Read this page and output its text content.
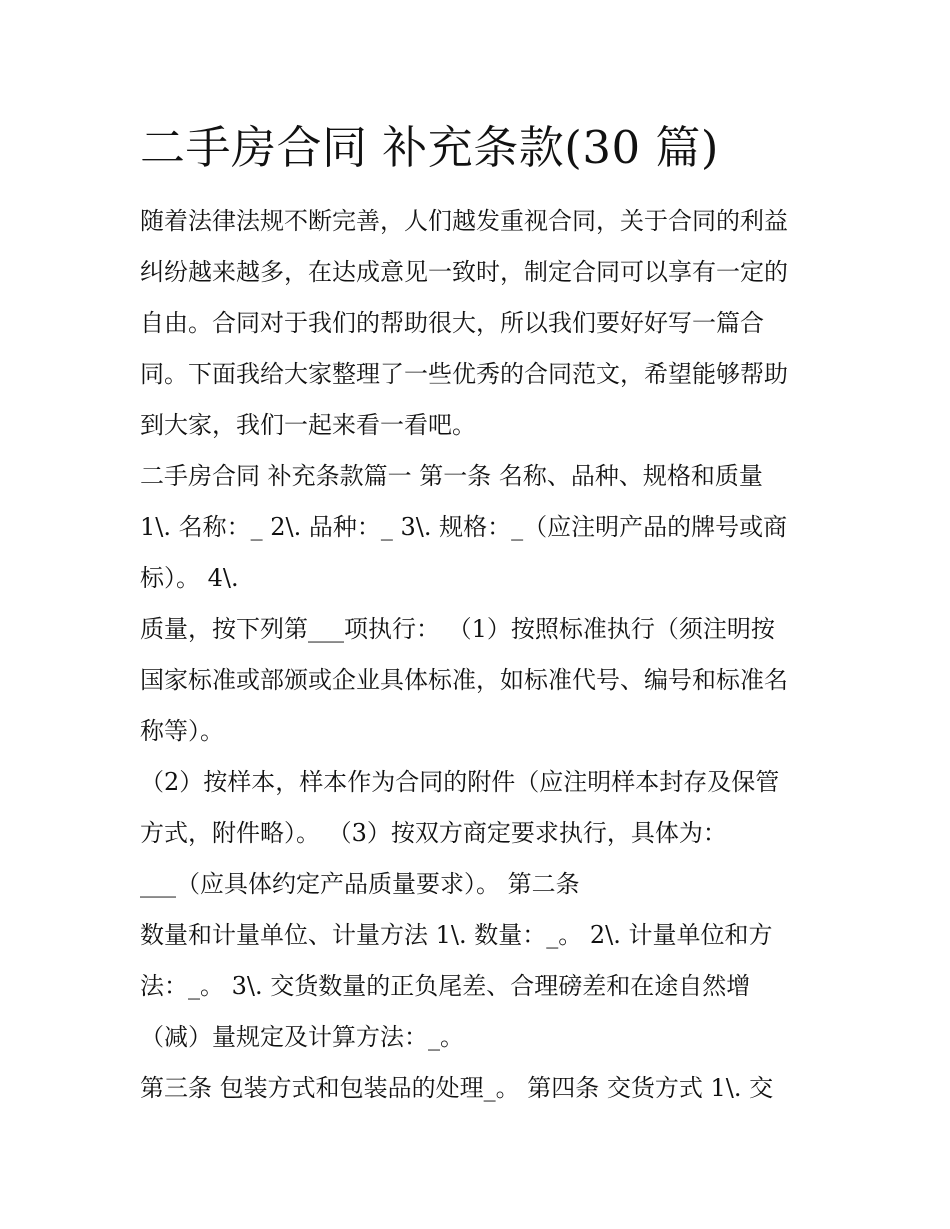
二手房合同 补充条款(30 篇)
随着法律法规不断完善，人们越发重视合同，关于合同的利益
纠纷越来越多，在达成意见一致时，制定合同可以享有一定的
自由。合同对于我们的帮助很大，所以我们要好好写一篇合
同。下面我给大家整理了一些优秀的合同范文，希望能够帮助
到大家，我们一起来看一看吧。
二手房合同 补充条款篇一 第一条 名称、品种、规格和质量
1\. 名称：_ 2\. 品种：_ 3\. 规格：_（应注明产品的牌号或商
标）。 4\.
质量，按下列第___项执行： （1）按照标准执行（须注明按
国家标准或部颁或企业具体标准，如标准代号、编号和标准名
称等）。
（2）按样本，样本作为合同的附件（应注明样本封存及保管
方式，附件略）。 （3）按双方商定要求执行，具体为：
___（应具体约定产品质量要求）。 第二条
数量和计量单位、计量方法 1\. 数量：_。 2\. 计量单位和方
法：_。 3\. 交货数量的正负尾差、合理磅差和在途自然增
（减）量规定及计算方法：_。
第三条 包装方式和包装品的处理_。 第四条 交货方式 1\. 交
